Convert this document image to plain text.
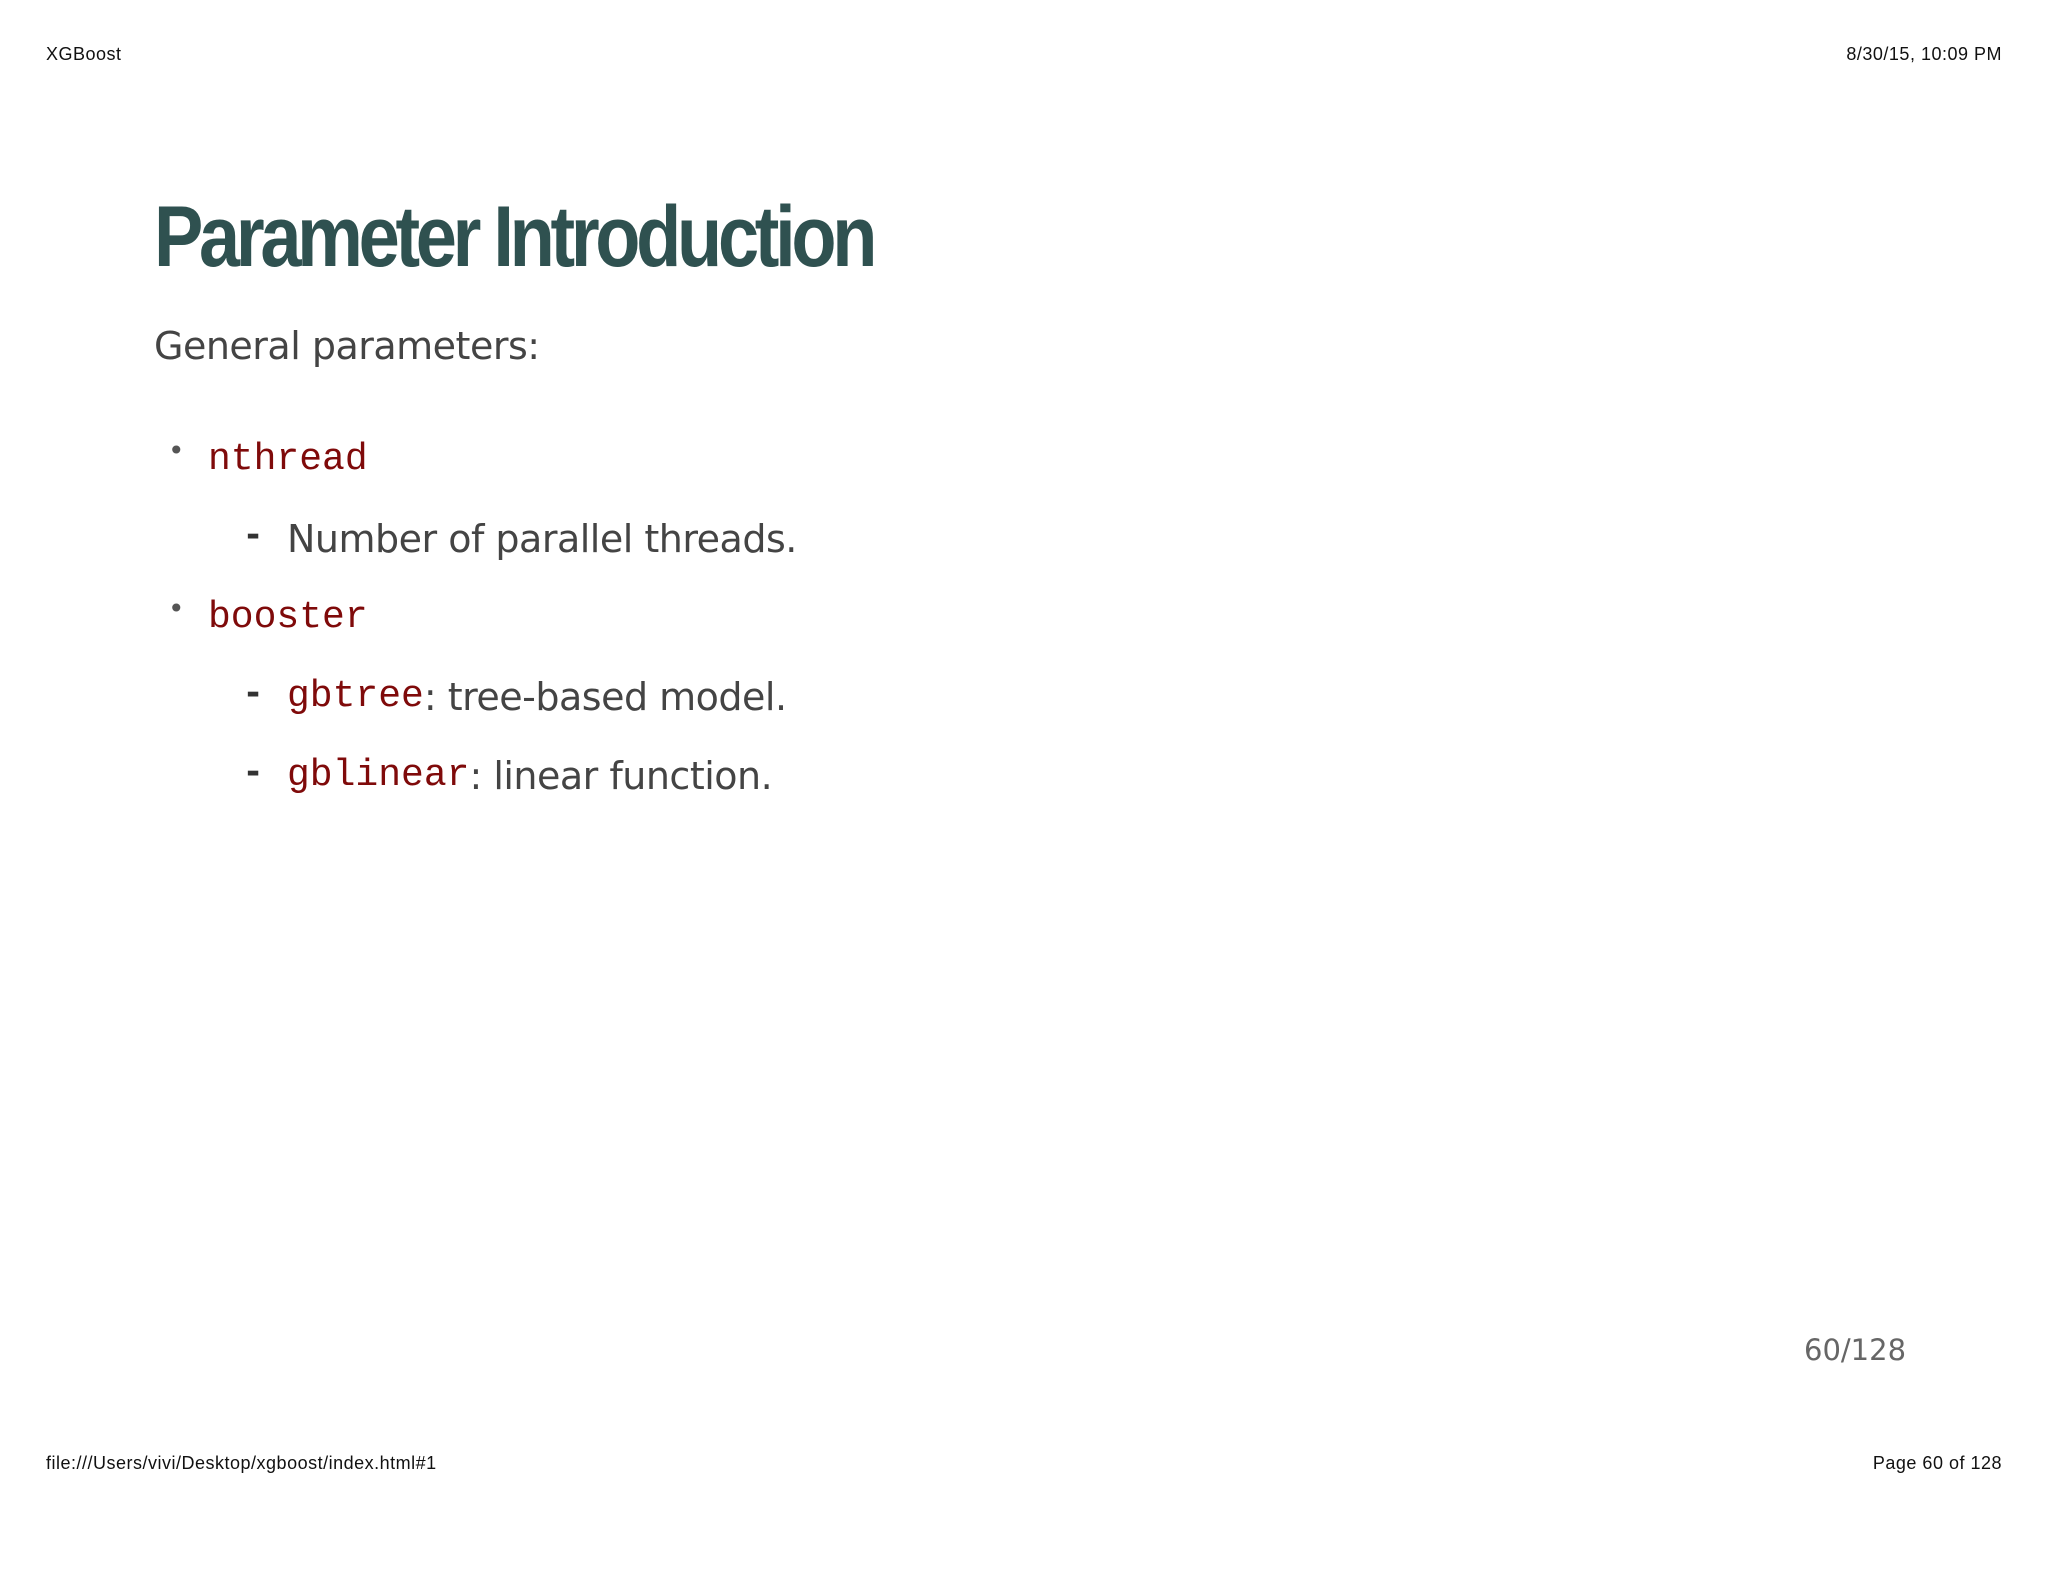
XGBoost	8/30/15, 10:09 PM
Parameter Introduction
General parameters:
• nthread
- Number of parallel threads.
• booster
- gbtree : tree-based model.
- gblinear : linear function.
60/128
file:///Users/vivi/Desktop/xgboost/index.html#1	Page 60 of 128
